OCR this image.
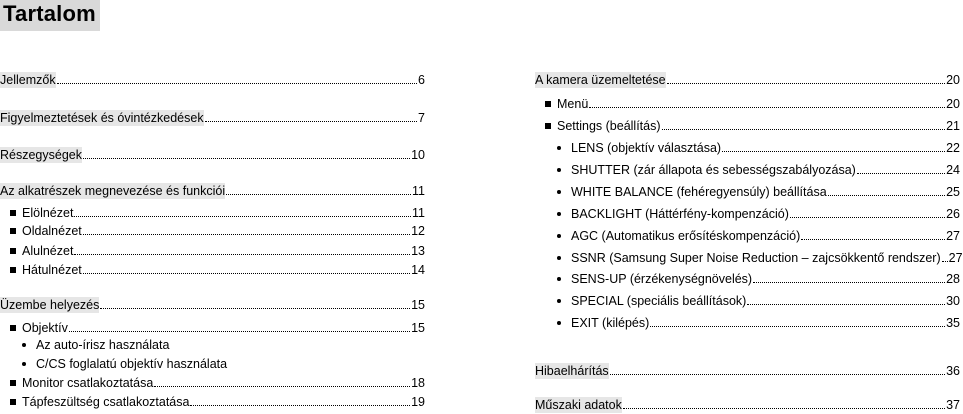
Tartalom
Jellemzők	6
Figyelmeztetések és óvintézkedések	7
Részegységek	10
Az alkatrészek megnevezése és funkciói	11
Elölnézet	11
Oldalnézet	12
Alulnézet	13
Hátulnézet	14
Üzembe helyezés	15
Objektív	15
Az auto-írisz használata
C/CS foglalatú objektív használata
Monitor csatlakoztatása	18
Tápfeszültség csatlakoztatása	19
A kamera üzemeltetése	20
Menü	20
Settings (beállítás)	21
LENS (objektív választása)	22
SHUTTER (zár állapota és sebességszabályozása)	24
WHITE BALANCE (fehéregyensúly) beállítása	25
BACKLIGHT (Háttérfény-kompenzáció)	26
AGC (Automatikus erősítéskompenzáció)	27
SSNR (Samsung Super Noise Reduction – zajcsökkentő rendszer) 27
SENS-UP (érzékenységnövelés)	28
SPECIAL (speciális beállítások)	30
EXIT (kilépés)	35
Hibaelhárítás	36
Műszaki adatok	37
